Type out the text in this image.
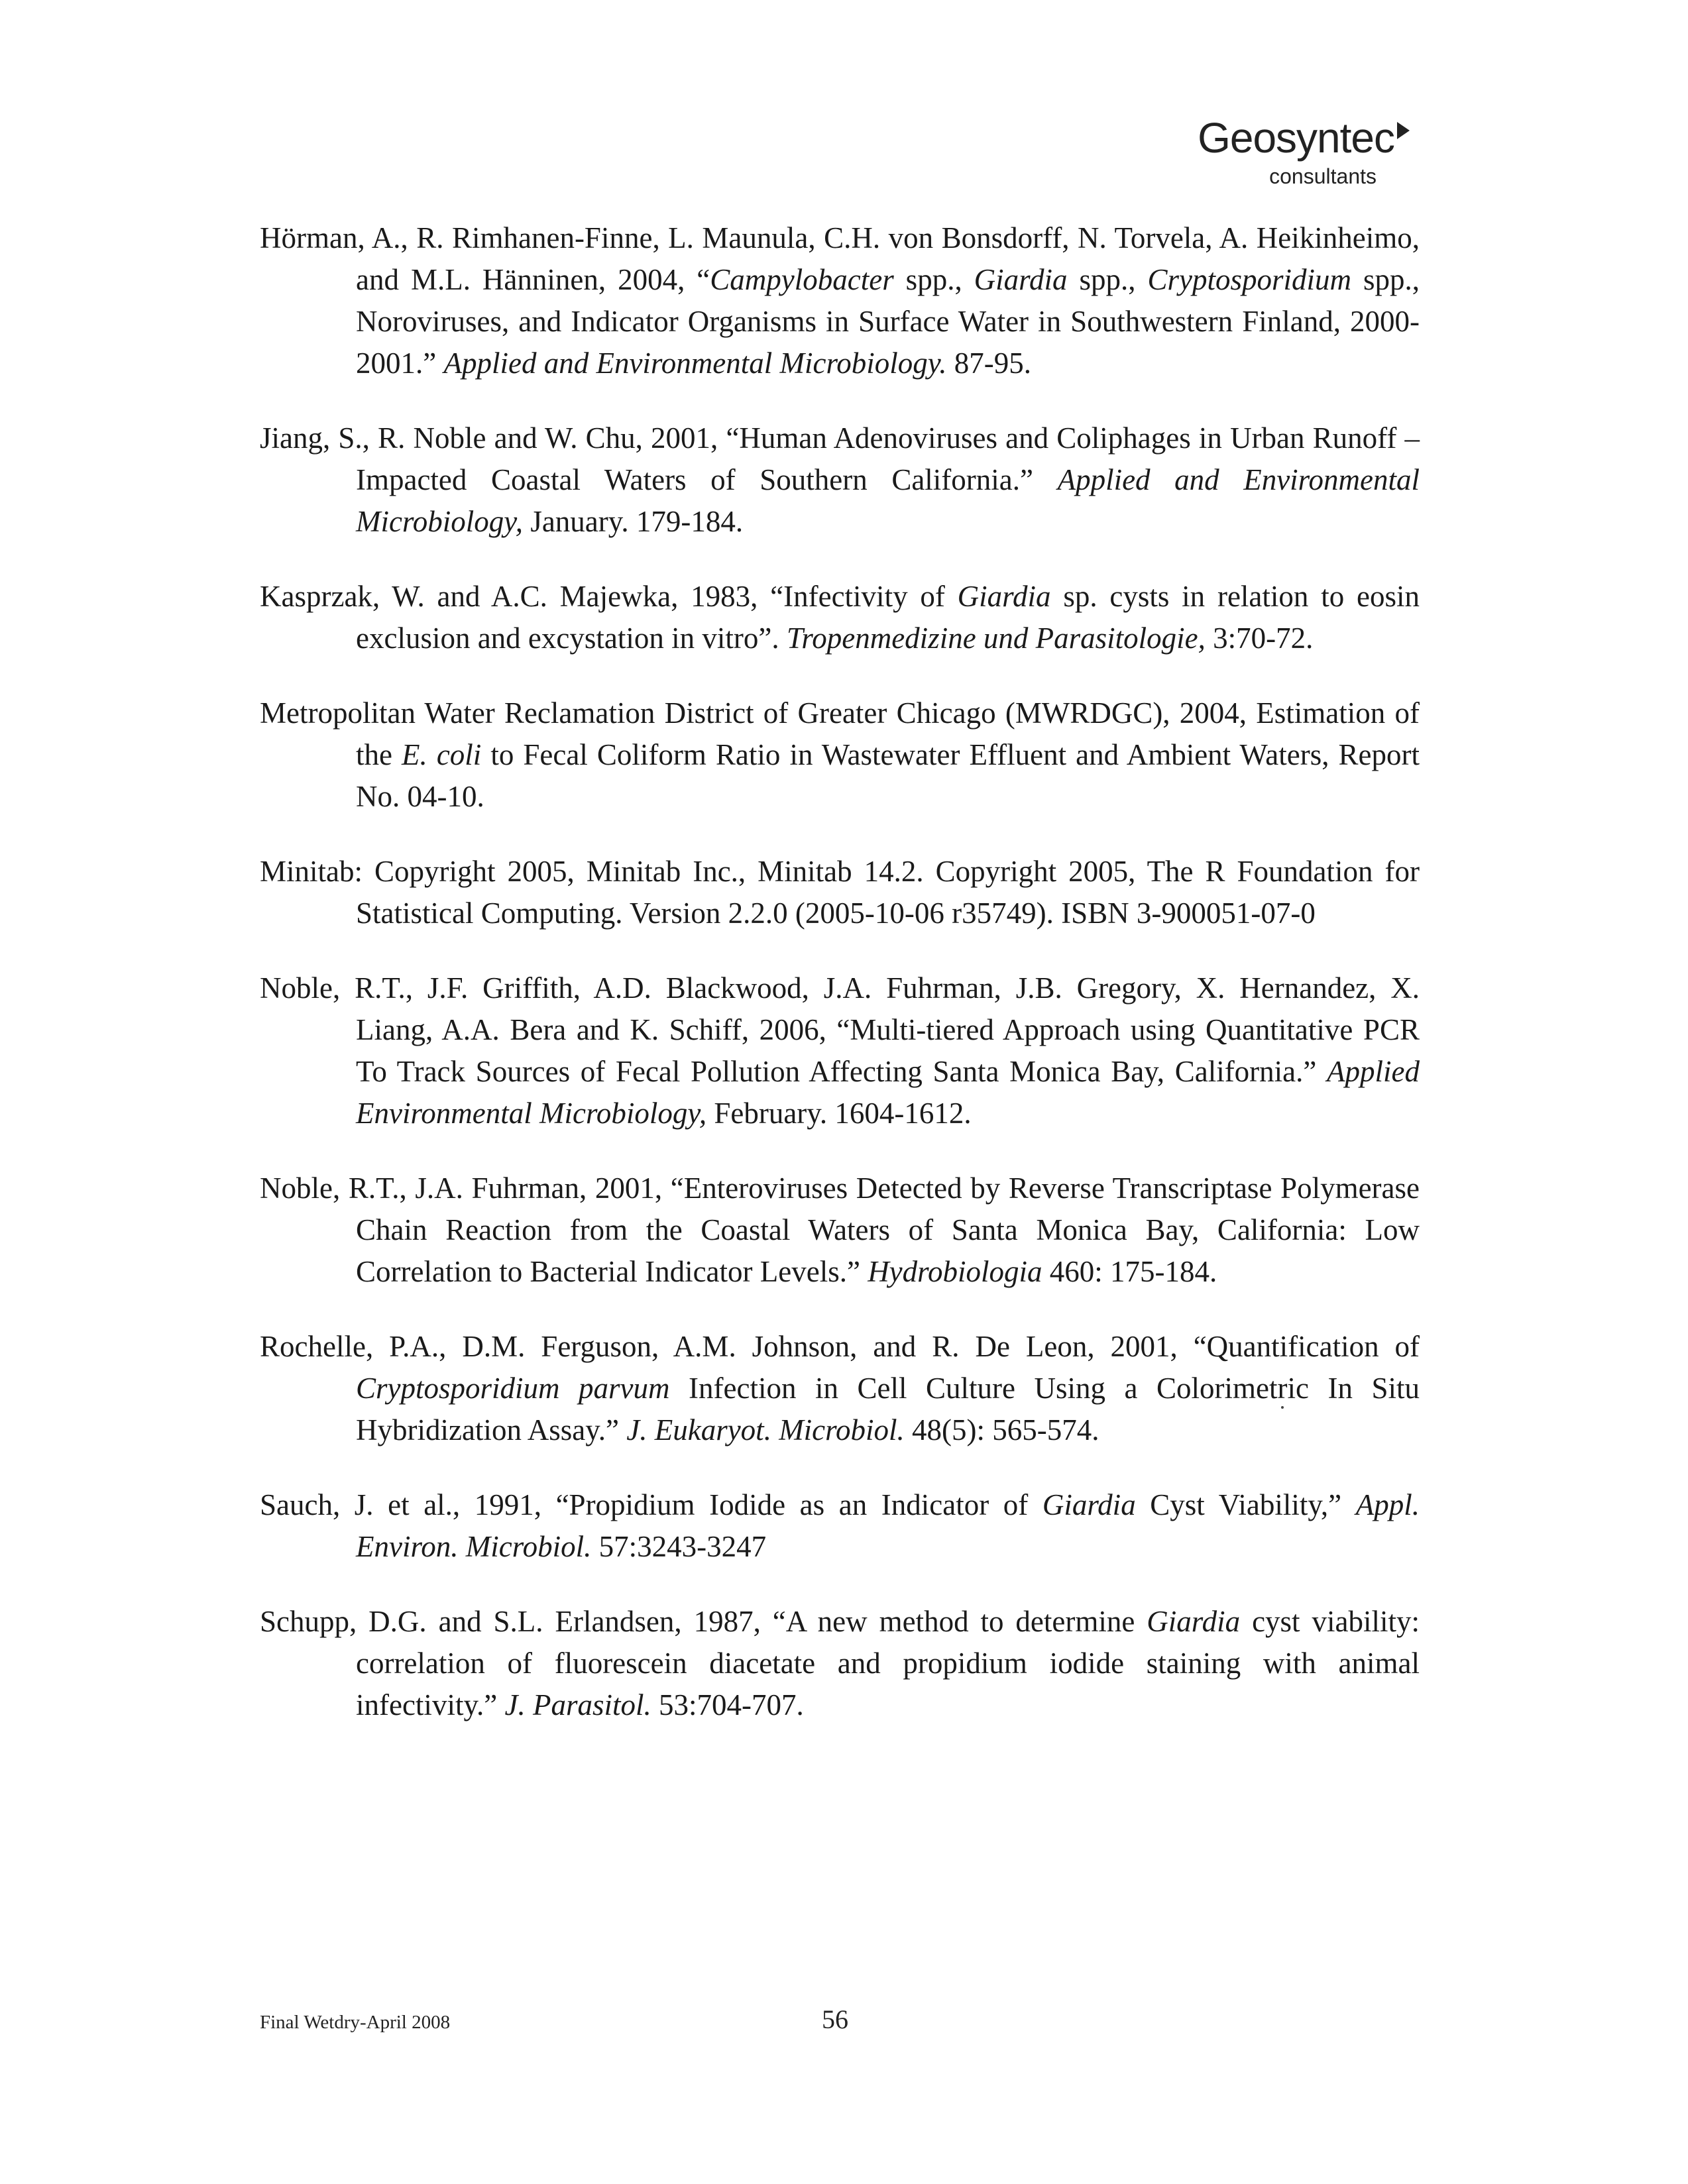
Geosyntec
consultants

Hörman, A., R. Rimhanen-Finne, L. Maunula, C.H. von Bonsdorff, N. Torvela, A. Heikinheimo, and M.L. Hänninen, 2004, “Campylobacter spp., Giardia spp., Cryptosporidium spp., Noroviruses, and Indicator Organisms in Surface Water in Southwestern Finland, 2000-2001.” Applied and Environmental Microbiology. 87-95.

Jiang, S., R. Noble and W. Chu, 2001, “Human Adenoviruses and Coliphages in Urban Runoff – Impacted Coastal Waters of Southern California.” Applied and Environmental Microbiology, January. 179-184.

Kasprzak, W. and A.C. Majewka, 1983, “Infectivity of Giardia sp. cysts in relation to eosin exclusion and excystation in vitro”. Tropenmedizine und Parasitologie, 3:70-72.

Metropolitan Water Reclamation District of Greater Chicago (MWRDGC), 2004, Estimation of the E. coli to Fecal Coliform Ratio in Wastewater Effluent and Ambient Waters, Report No. 04-10.

Minitab: Copyright 2005, Minitab Inc., Minitab 14.2. Copyright 2005, The R Foundation for Statistical Computing. Version 2.2.0 (2005-10-06 r35749). ISBN 3-900051-07-0

Noble, R.T., J.F. Griffith, A.D. Blackwood, J.A. Fuhrman, J.B. Gregory, X. Hernandez, X. Liang, A.A. Bera and K. Schiff, 2006, “Multi-tiered Approach using Quantitative PCR To Track Sources of Fecal Pollution Affecting Santa Monica Bay, California.” Applied Environmental Microbiology, February. 1604-1612.

Noble, R.T., J.A. Fuhrman, 2001, “Enteroviruses Detected by Reverse Transcriptase Polymerase Chain Reaction from the Coastal Waters of Santa Monica Bay, California: Low Correlation to Bacterial Indicator Levels.” Hydrobiologia 460: 175-184.

Rochelle, P.A., D.M. Ferguson, A.M. Johnson, and R. De Leon, 2001, “Quantification of Cryptosporidium parvum Infection in Cell Culture Using a Colorimetric In Situ Hybridization Assay.” J. Eukaryot. Microbiol. 48(5): 565-574.

Sauch, J. et al., 1991, “Propidium Iodide as an Indicator of Giardia Cyst Viability,” Appl. Environ. Microbiol. 57:3243-3247

Schupp, D.G. and S.L. Erlandsen, 1987, “A new method to determine Giardia cyst viability: correlation of fluorescein diacetate and propidium iodide staining with animal infectivity.” J. Parasitol. 53:704-707.

Final Wetdry-April 2008	56
